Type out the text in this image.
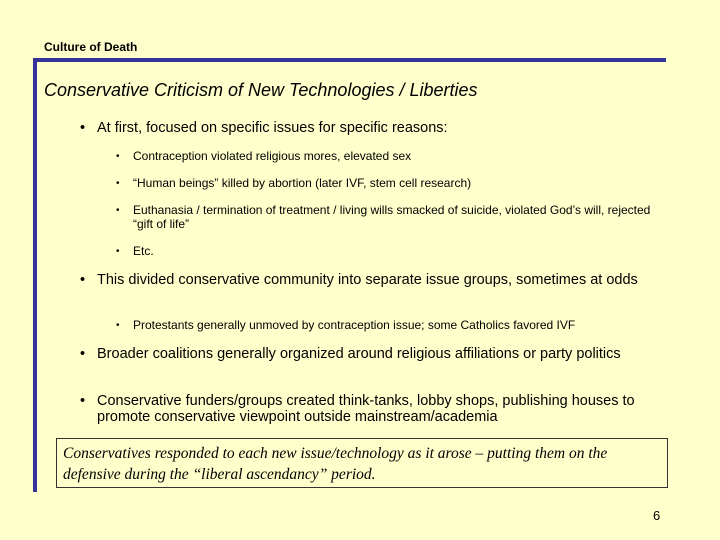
Culture of Death
Conservative Criticism of New Technologies / Liberties
• At first, focused on specific issues for specific reasons:
• Contraception violated religious mores, elevated sex
• “Human beings” killed by abortion (later IVF, stem cell research)
• Euthanasia / termination of treatment / living wills smacked of suicide, violated God’s will, rejected “gift of life”
• Etc.
• This divided conservative community into separate issue groups, sometimes at odds
• Protestants generally unmoved by contraception issue; some Catholics favored IVF
• Broader coalitions generally organized around religious affiliations or party politics
• Conservative funders/groups created think-tanks, lobby shops, publishing houses to promote conservative viewpoint outside mainstream/academia
Conservatives responded to each new issue/technology as it arose – putting them on the defensive during the “liberal ascendancy” period.
6
